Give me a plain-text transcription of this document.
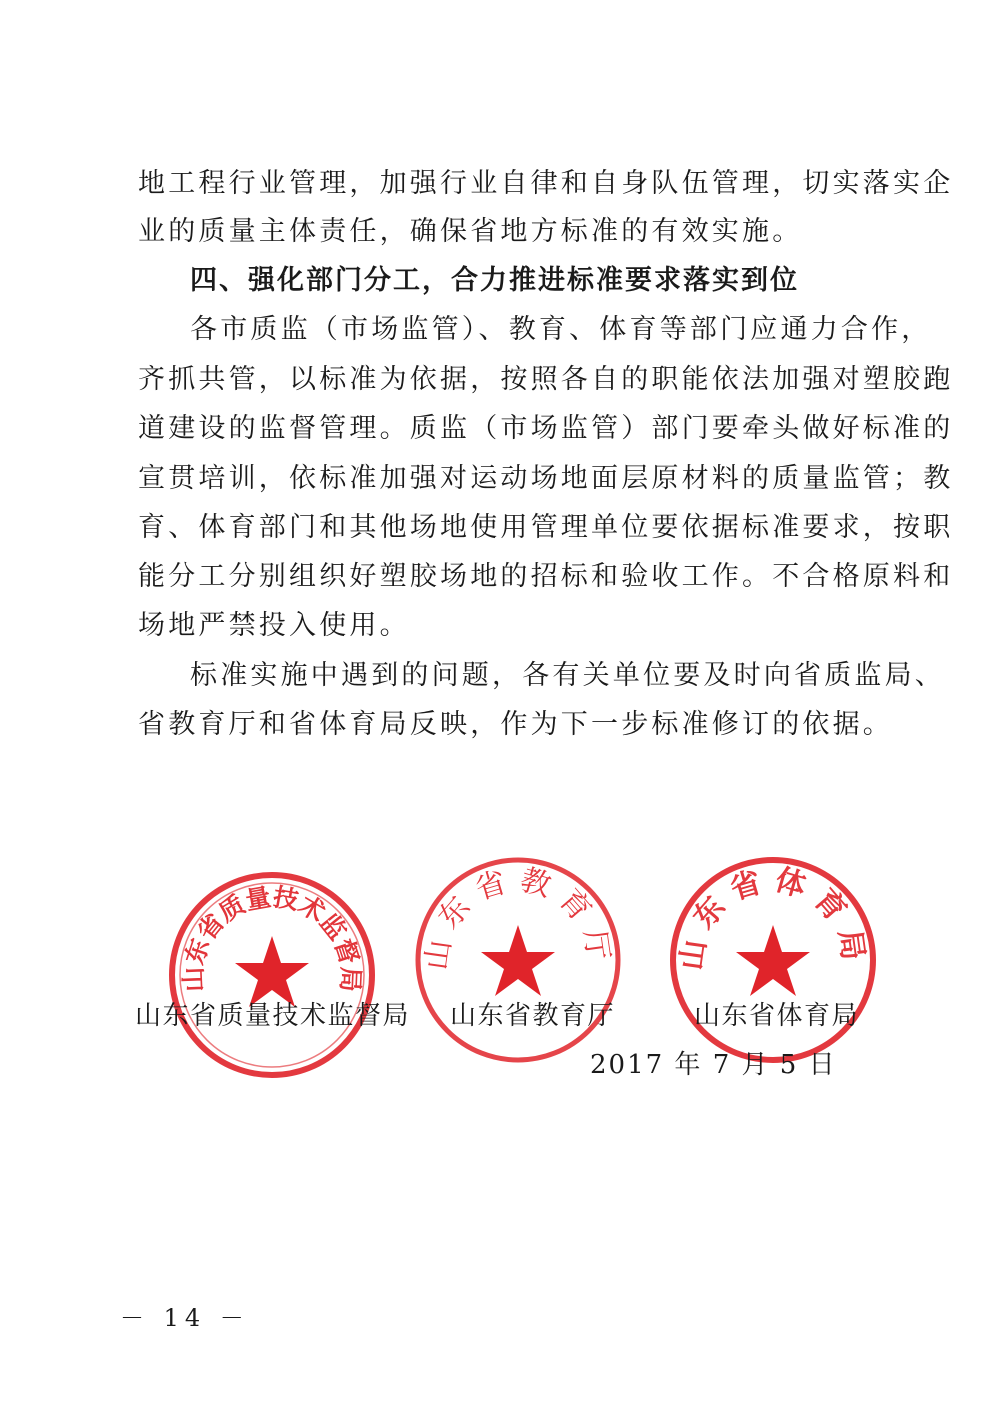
地工程行业管理，加强行业自律和自身队伍管理，切实落实企
业的质量主体责任，确保省地方标准的有效实施。
四、强化部门分工，合力推进标准要求落实到位
各市质监（市场监管）、教育、体育等部门应通力合作，
齐抓共管，以标准为依据，按照各自的职能依法加强对塑胶跑
道建设的监督管理。质监（市场监管）部门要牵头做好标准的
宣贯培训，依标准加强对运动场地面层原材料的质量监管；教
育、体育部门和其他场地使用管理单位要依据标准要求，按职
能分工分别组织好塑胶场地的招标和验收工作。不合格原料和
场地严禁投入使用。
标准实施中遇到的问题，各有关单位要及时向省质监局、
省教育厅和省体育局反映，作为下一步标准修订的依据。
山东省质量技术监督局
山东省教育厅 山东省体育局
山东省质量技术监督局 山东省教育厅	山东省体育局
2017 年 7 月 5 日
－ 14 －
